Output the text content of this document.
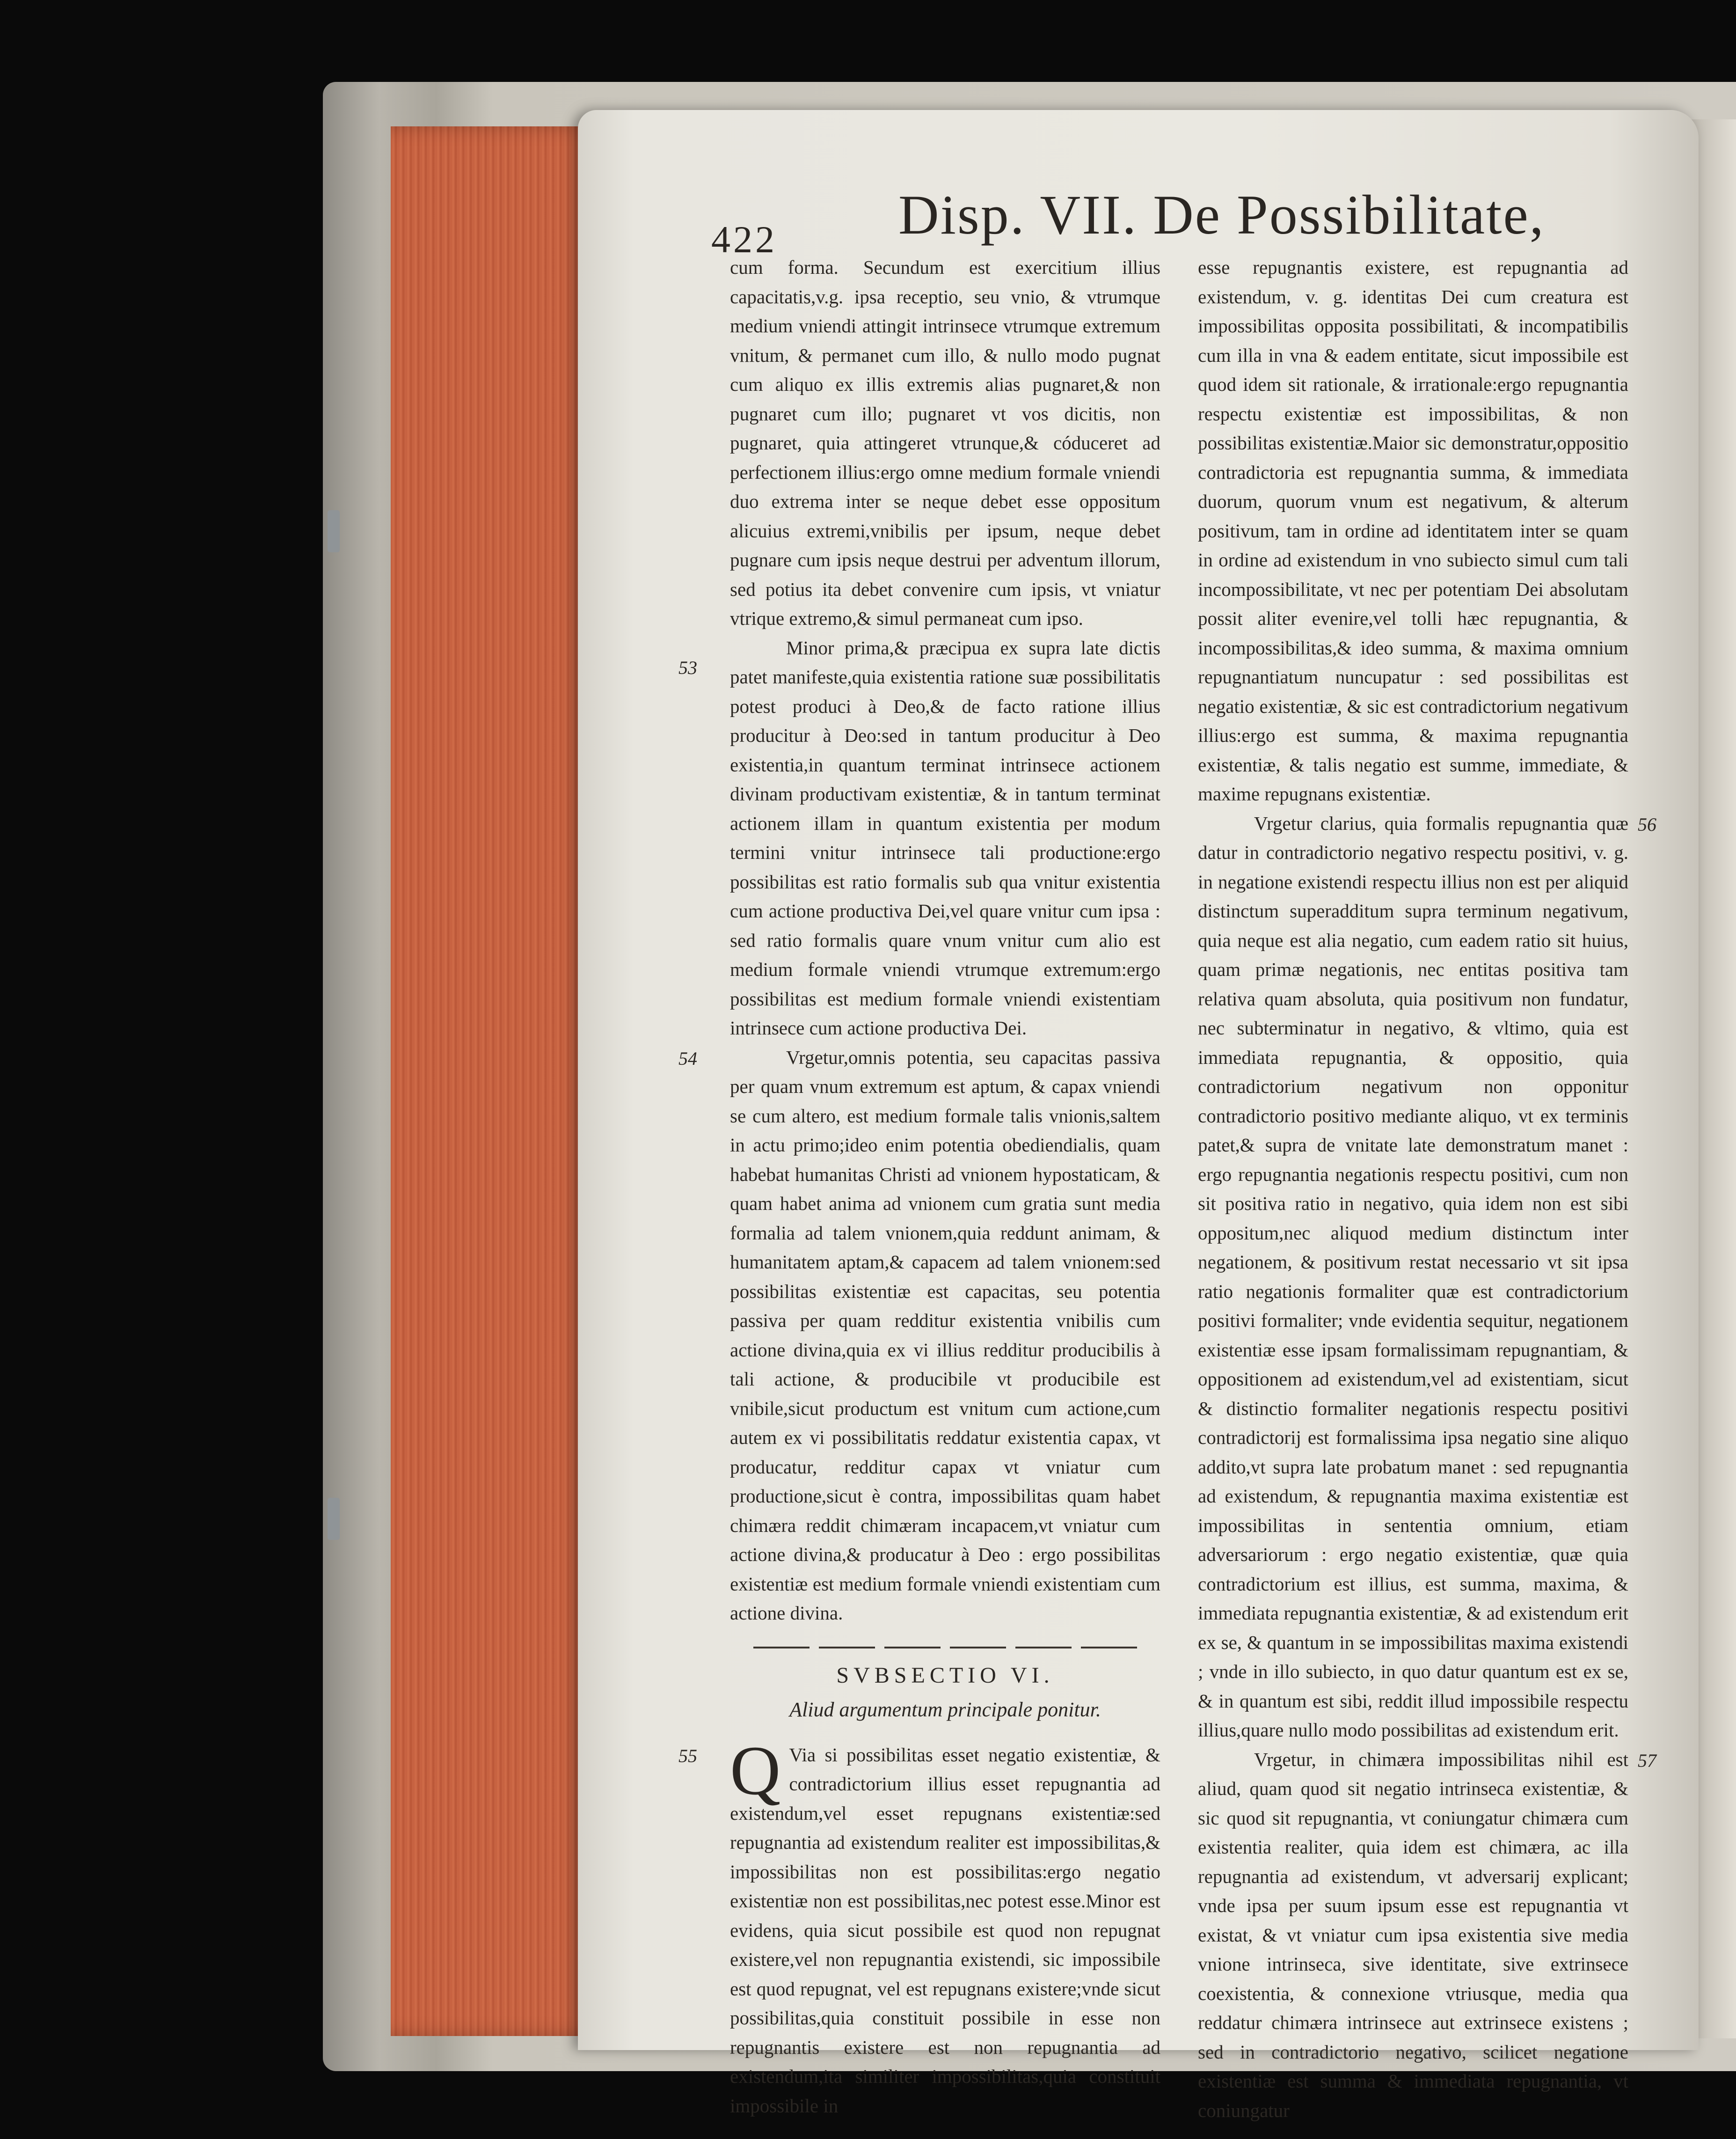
422 Disp. VII. De Possibilitate,

cum forma. Secundum est exercitium illius capacitatis,v.g. ipsa receptio, seu vnio, & vtrumque medium vniendi attingit intrinsece vtrumque extremum vnitum, & permanet cum illo, & nullo modo pugnat cum aliquo ex illis extremis alias pugnaret,& non pugnaret cum illo; pugnaret vt vos dicitis, non pugnaret, quia attingeret vtrunque,& códuceret ad perfectionem illius:ergo omne medium formale vniendi duo extrema inter se neque debet esse oppositum alicuius extremi,vnibilis per ipsum, neque debet pugnare cum ipsis neque destrui per adventum illorum, sed potius ita debet convenire cum ipsis, vt vniatur vtrique extremo,& simul permaneat cum ipso.

53

Minor prima,& præcipua ex supra late dictis patet manifeste,quia existentia ratione suæ possibilitatis potest produci à Deo,& de facto ratione illius producitur à Deo:sed in tantum producitur à Deo existentia,in quantum terminat intrinsece actionem divinam productivam existentiæ, & in tantum terminat actionem illam in quantum existentia per modum termini vnitur intrinsece tali productione:ergo possibilitas est ratio formalis sub qua vnitur existentia cum actione productiva Dei,vel quare vnitur cum ipsa : sed ratio formalis quare vnum vnitur cum alio est medium formale vniendi vtrumque extremum:ergo possibilitas est medium formale vniendi existentiam intrinsece cum actione productiva Dei.

54	Vrgetur,omnis potentia, seu capacitas passiva per quam vnum extremum est aptum, & capax vniendi se cum altero, est medium formale talis vnionis,saltem in actu primo;ideo enim potentia obediendialis, quam habebat humanitas Christi ad vnionem hypostaticam, & quam habet anima ad vnionem cum gratia sunt media formalia ad talem vnionem,quia reddunt animam, & humanitatem aptam,& capacem ad talem vnionem:sed possibilitas existentiæ est capacitas, seu potentia passiva per quam redditur existentia vnibilis cum actione divina,quia ex vi illius redditur producibilis à tali actione, & producibile vt producibile est vnibile,sicut productum est vnitum cum actione,cum autem ex vi possibilitatis reddatur existentia capax, vt producatur, redditur capax vt vniatur cum productione,sicut è contra, impossibilitas quam habet chimæra reddit chimæram incapacem,vt vniatur cum actione divina,& producatur à Deo : ergo possibilitas existentiæ est medium formale vniendi existentiam cum actione divina.

SVBSECTIO VI.

Aliud argumentum principale ponitur.

55 Q Via si possibilitas esset negatio existentiæ, & contradictorium illius esset repugnantia ad existendum,vel esset repugnans existentiæ:sed repugnantia ad existendum realiter est impossibilitas,& impossibilitas non est possibilitas:ergo negatio existentiæ non est possibilitas,nec potest esse.Minor est evidens, quia sicut possibile est quod non repugnat existere,vel non repugnantia existendi, sic impossibile est quod repugnat, vel est repugnans existere;vnde sicut possibilitas,quia constituit possibile in esse non repugnantis existere est non repugnantia ad existendum,ita similiter impossibilitas,quia constituit impossibile in

esse repugnantis existere, est repugnantia ad existendum, v. g. identitas Dei cum creatura est impossibilitas opposita possibilitati, & incompatibilis cum illa in vna & eadem entitate, sicut impossibile est quod idem sit rationale, & irrationale:ergo repugnantia respectu existentiæ est impossibilitas, & non possibilitas existentiæ.Maior sic demonstratur,oppositio contradictoria est repugnantia summa, & immediata duorum, quorum vnum est negativum, & alterum positivum, tam in ordine ad identitatem inter se quam in ordine ad existendum in vno subiecto simul cum tali incompossibilitate, vt nec per potentiam Dei absolutam possit aliter evenire,vel tolli hæc repugnantia, & incompossibilitas,& ideo summa, & maxima omnium repugnantiatum nuncupatur : sed possibilitas est negatio existentiæ, & sic est contradictorium negativum illius:ergo est summa, & maxima repugnantia existentiæ, & talis negatio est summe, immediate, & maxime repugnans existentiæ.

56

Vrgetur clarius, quia formalis repugnantia quæ datur in contradictorio negativo respectu positivi, v. g. in negatione existendi respectu illius non est per aliquid distinctum superadditum supra terminum negativum, quia neque est alia negatio, cum eadem ratio sit huius, quam primæ negationis, nec entitas positiva tam relativa quam absoluta, quia positivum non fundatur, nec subterminatur in negativo, & vltimo, quia est immediata repugnantia, & oppositio, quia contradictorium negativum non opponitur contradictorio positivo mediante aliquo, vt ex terminis patet,& supra de vnitate late demonstratum manet : ergo repugnantia negationis respectu positivi, cum non sit positiva ratio in negativo, quia idem non est sibi oppositum,nec aliquod medium distinctum inter negationem, & positivum restat necessario vt sit ipsa ratio negationis formaliter quæ est contradictorium positivi formaliter; vnde evidentia sequitur, negationem existentiæ esse ipsam formalissimam repugnantiam, & oppositionem ad existendum,vel ad existentiam, sicut & distinctio formaliter negationis respectu positivi contradictorij est formalissima ipsa negatio sine aliquo addito,vt supra late probatum manet : sed repugnantia ad existendum, & repugnantia maxima existentiæ est impossibilitas in sententia omnium, etiam adversariorum : ergo negatio existentiæ, quæ quia contradictorium est illius, est summa, maxima, & immediata repugnantia existentiæ, & ad existendum erit ex se, & quantum in se impossibilitas maxima existendi ; vnde in illo subiecto, in quo datur quantum est ex se, & in quantum est sibi, reddit illud impossibile respectu illius,quare nullo modo possibilitas ad existendum erit.

57

Vrgetur, in chimæra impossibilitas nihil est aliud, quam quod sit negatio intrinseca existentiæ, & sic quod sit repugnantia, vt coniungatur chimæra cum existentia realiter, quia idem est chimæra, ac illa repugnantia ad existendum, vt adversarij explicant; vnde ipsa per suum ipsum esse est repugnantia vt existat, & vt vniatur cum ipsa existentia sive media vnione intrinseca, sive identitate, sive extrinsece coexistentia, & connexione vtriusque, media qua reddatur chimæra intrinsece aut extrinsece existens ; sed in contradictorio negativo, scilicet negatione existentiæ est summa & immediata repugnantia, vt coniungatur
